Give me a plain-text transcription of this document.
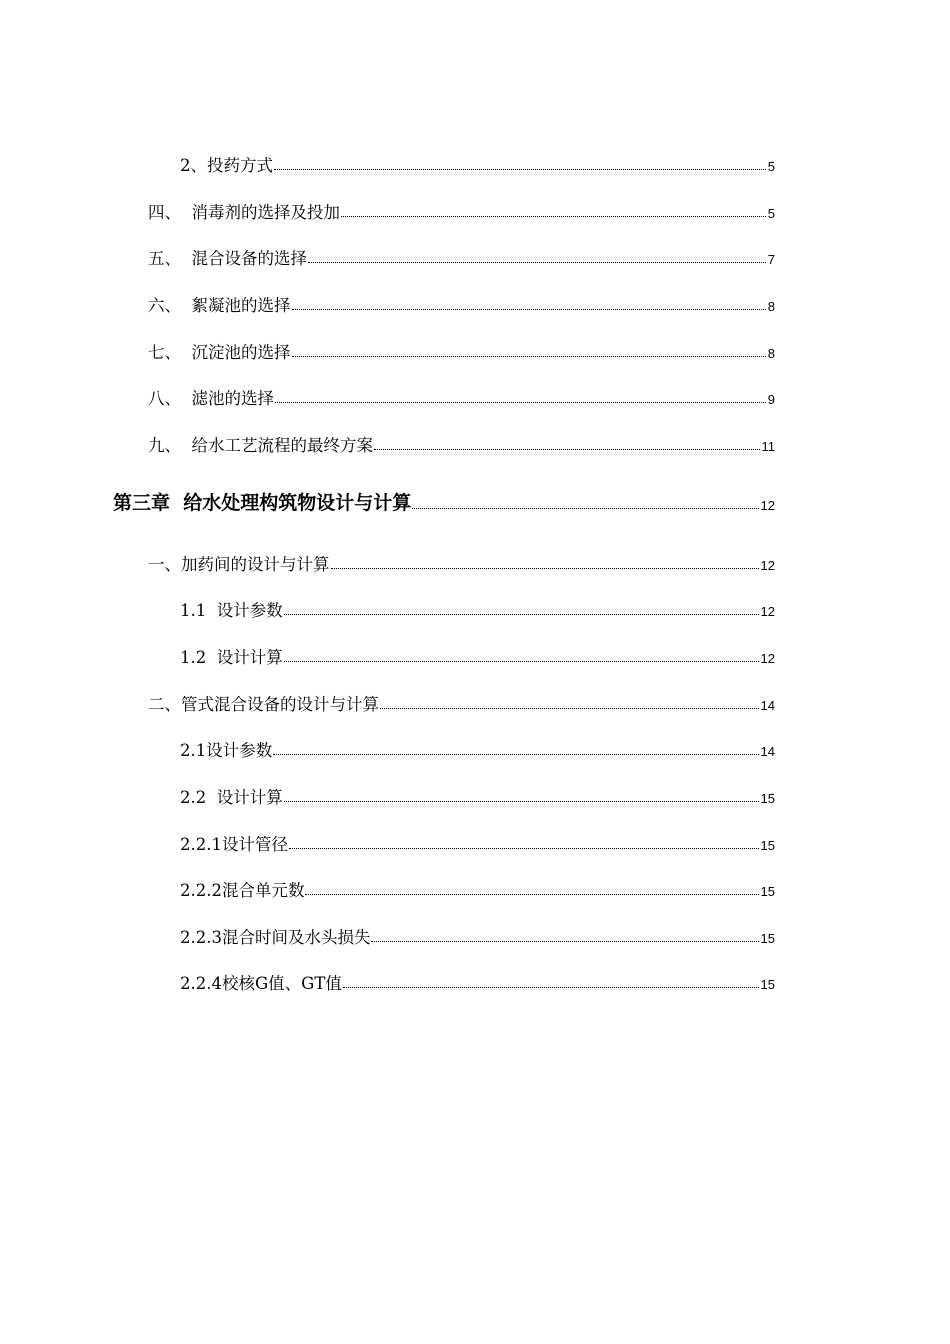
2、投药方式	5
四、  消毒剂的选择及投加	5
五、  混合设备的选择	7
六、  絮凝池的选择	8
七、  沉淀池的选择	8
八、  滤池的选择	9
九、  给水工艺流程的最终方案	11
第三章  给水处理构筑物设计与计算	12
一、加药间的设计与计算	12
1.1  设计参数	12
1.2  设计计算	12
二、管式混合设备的设计与计算	14
2.1设计参数	14
2.2  设计计算	15
2.2.1设计管径	15
2.2.2混合单元数	15
2.2.3混合时间及水头损失	15
2.2.4校核G值、GT值	15
